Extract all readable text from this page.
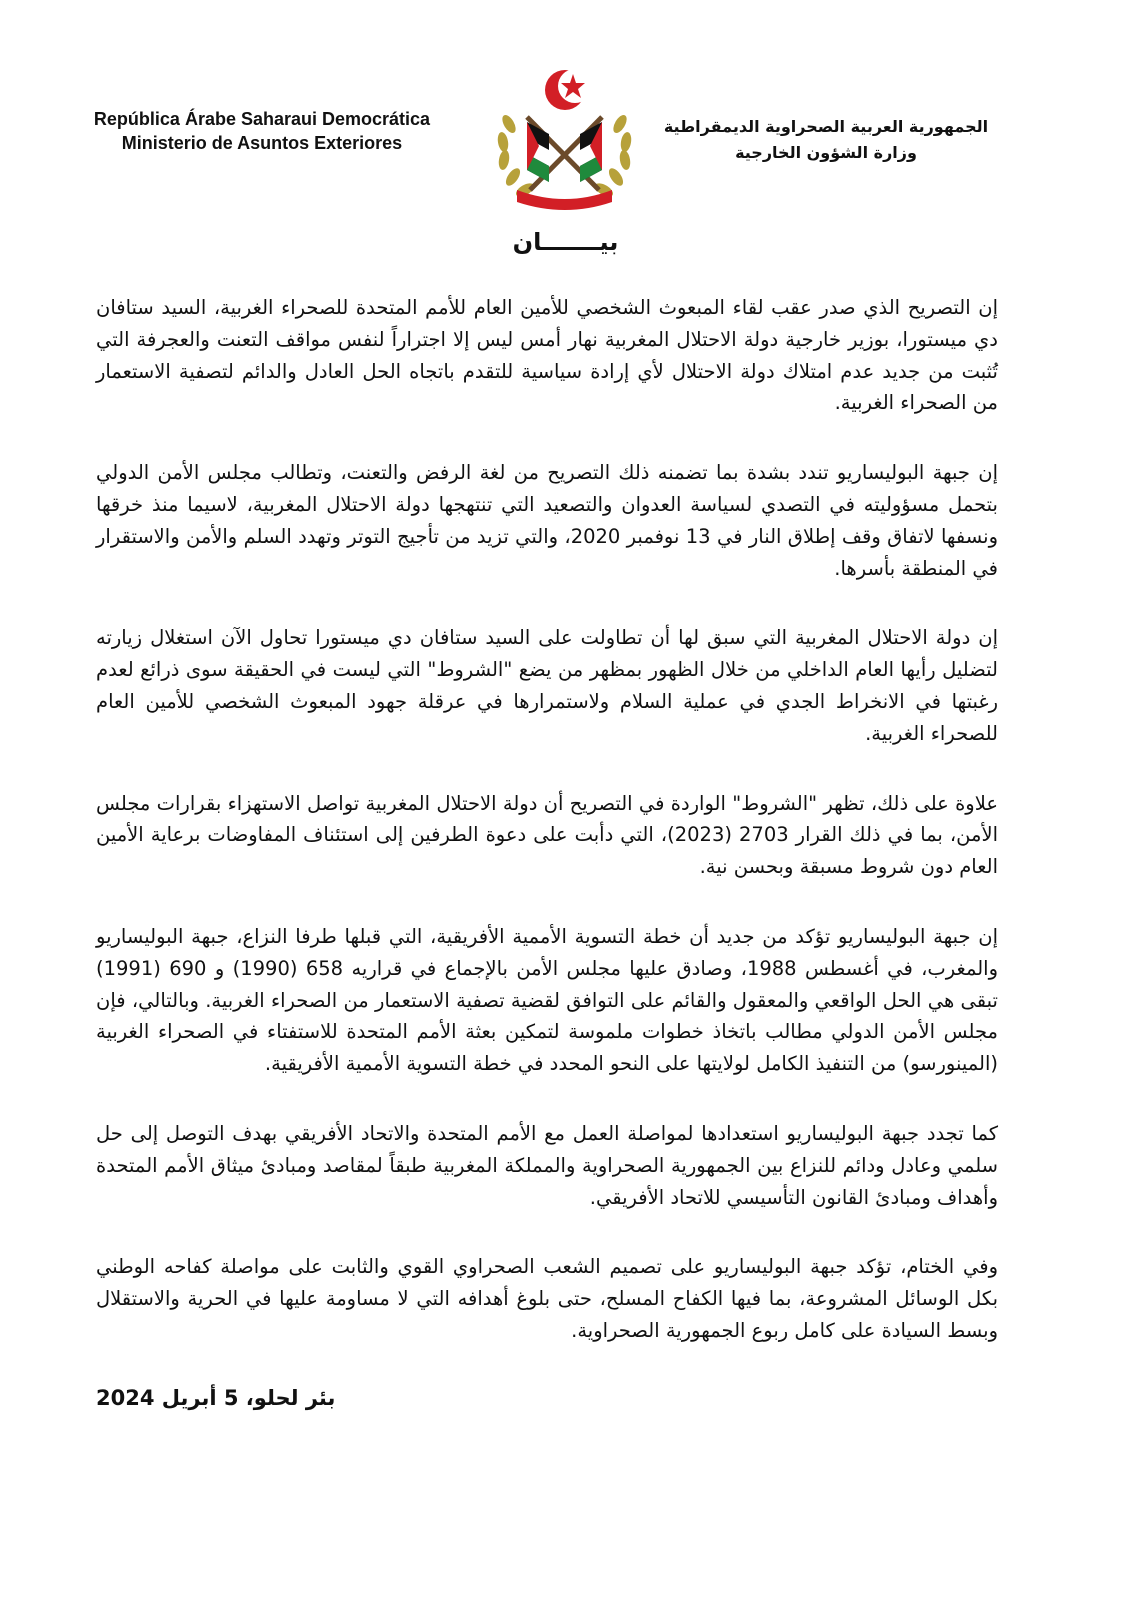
República Árabe Saharaui Democrática
Ministerio de Asuntos Exteriores
الجمهورية العربية الصحراوية الديمقراطية
وزارة الشؤون الخارجية
بيـــــــان

إن التصريح الذي صدر عقب لقاء المبعوث الشخصي للأمين العام للأمم المتحدة للصحراء الغربية، السيد ستافان دي ميستورا، بوزير خارجية دولة الاحتلال المغربية نهار أمس ليس إلا اجتراراً لنفس مواقف التعنت والعجرفة التي تُثبت من جديد عدم امتلاك دولة الاحتلال لأي إرادة سياسية للتقدم باتجاه الحل العادل والدائم لتصفية الاستعمار من الصحراء الغربية.

إن جبهة البوليساريو تندد بشدة بما تضمنه ذلك التصريح من لغة الرفض والتعنت، وتطالب مجلس الأمن الدولي بتحمل مسؤوليته في التصدي لسياسة العدوان والتصعيد التي تنتهجها دولة الاحتلال المغربية، لاسيما منذ خرقها ونسفها لاتفاق وقف إطلاق النار في 13 نوفمبر 2020، والتي تزيد من تأجيج التوتر وتهدد السلم والأمن والاستقرار في المنطقة بأسرها.

إن دولة الاحتلال المغربية التي سبق لها أن تطاولت على السيد ستافان دي ميستورا تحاول الآن استغلال زيارته لتضليل رأيها العام الداخلي من خلال الظهور بمظهر من يضع "الشروط" التي ليست في الحقيقة سوى ذرائع لعدم رغبتها في الانخراط الجدي في عملية السلام ولاستمرارها في عرقلة جهود المبعوث الشخصي للأمين العام للصحراء الغربية.

علاوة على ذلك، تظهر "الشروط" الواردة في التصريح أن دولة الاحتلال المغربية تواصل الاستهزاء بقرارات مجلس الأمن، بما في ذلك القرار 2703 (2023)، التي دأبت على دعوة الطرفين إلى استئناف المفاوضات برعاية الأمين العام دون شروط مسبقة وبحسن نية.

إن جبهة البوليساريو تؤكد من جديد أن خطة التسوية الأممية الأفريقية، التي قبلها طرفا النزاع، جبهة البوليساريو والمغرب، في أغسطس 1988، وصادق عليها مجلس الأمن بالإجماع في قراريه 658 (1990) و 690 (1991) تبقى هي الحل الواقعي والمعقول والقائم على التوافق لقضية تصفية الاستعمار من الصحراء الغربية. وبالتالي، فإن مجلس الأمن الدولي مطالب باتخاذ خطوات ملموسة لتمكين بعثة الأمم المتحدة للاستفتاء في الصحراء الغربية (المينورسو) من التنفيذ الكامل لولايتها على النحو المحدد في خطة التسوية الأممية الأفريقية.

كما تجدد جبهة البوليساريو استعدادها لمواصلة العمل مع الأمم المتحدة والاتحاد الأفريقي بهدف التوصل إلى حل سلمي وعادل ودائم للنزاع بين الجمهورية الصحراوية والمملكة المغربية طبقاً لمقاصد ومبادئ ميثاق الأمم المتحدة وأهداف ومبادئ القانون التأسيسي للاتحاد الأفريقي.

وفي الختام، تؤكد جبهة البوليساريو على تصميم الشعب الصحراوي القوي والثابت على مواصلة كفاحه الوطني بكل الوسائل المشروعة، بما فيها الكفاح المسلح، حتى بلوغ أهدافه التي لا مساومة عليها في الحرية والاستقلال وبسط السيادة على كامل ربوع الجمهورية الصحراوية.

بئر لحلو، 5 أبريل 2024
